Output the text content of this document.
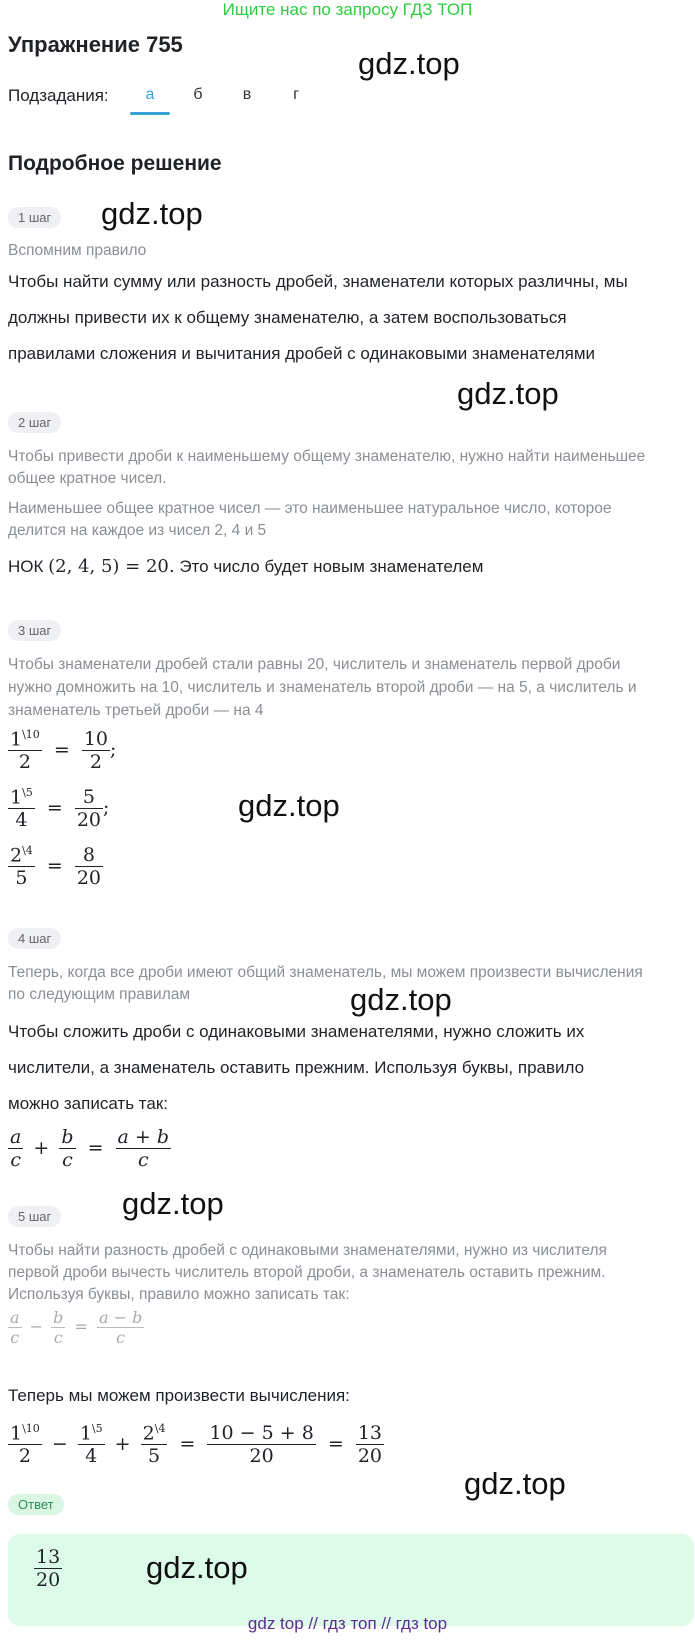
Ищите нас по запросу ГДЗ ТОП
Упражнение 755
gdz.top
Подзадания:	а	б	в	г
Подробное решение
1 шаг	gdz.top
Вспомним правило
Чтобы найти сумму или разность дробей, знаменатели которых различны, мы
должны привести их к общему знаменателю, а затем воспользоваться
правилами сложения и вычитания дробей с одинаковыми знаменателями
gdz.top
2 шаг
Чтобы привести дроби к наименьшему общему знаменателю, нужно найти наименьшее
общее кратное чисел.
Наименьшее общее кратное чисел — это наименьшее натуральное число, которое
делится на каждое из чисел 2, 4 и 5
НОК (2, 4, 5) = 20. Это число будет новым знаменателем
3 шаг
Чтобы знаменатели дробей стали равны 20, числитель и знаменатель первой дроби
нужно домножить на 10, числитель и знаменатель второй дроби — на 5, а числитель и
знаменатель третьей дроби — на 4
$\frac{1^{\backslash 10}}{2} = \frac{10}{2}$ ;
$\frac{1^{\backslash 5}}{4} = \frac{5}{20}$ ;	gdz.top
$\frac{2^{\backslash 4}}{5} = \frac{8}{20}$
4 шаг
Теперь, когда все дроби имеют общий знаменатель, мы можем произвести вычисления
по следующим правилам	gdz.top
Чтобы сложить дроби с одинаковыми знаменателями, нужно сложить их
числители, а знаменатель оставить прежним. Используя буквы, правило
можно записать так:
$\frac{a}{c} + \frac{b}{c} = \frac{a + b}{c}$
5 шаг	gdz.top
Чтобы найти разность дробей с одинаковыми знаменателями, нужно из числителя
первой дроби вычесть числитель второй дроби, а знаменатель оставить прежним.
Используя буквы, правило можно записать так:
$\frac{a}{c} - \frac{b}{c} = \frac{a - b}{c}$
Теперь мы можем произвести вычисления:
$\frac{1^{\backslash 10}}{2} - \frac{1^{\backslash 5}}{4} + \frac{2^{\backslash 4}}{5} = \frac{10 - 5 + 8}{20} = \frac{13}{20}$
Ответ
gdz.top
$\frac{13}{20}$	gdz.top
gdz top // гдз топ // гдз top
